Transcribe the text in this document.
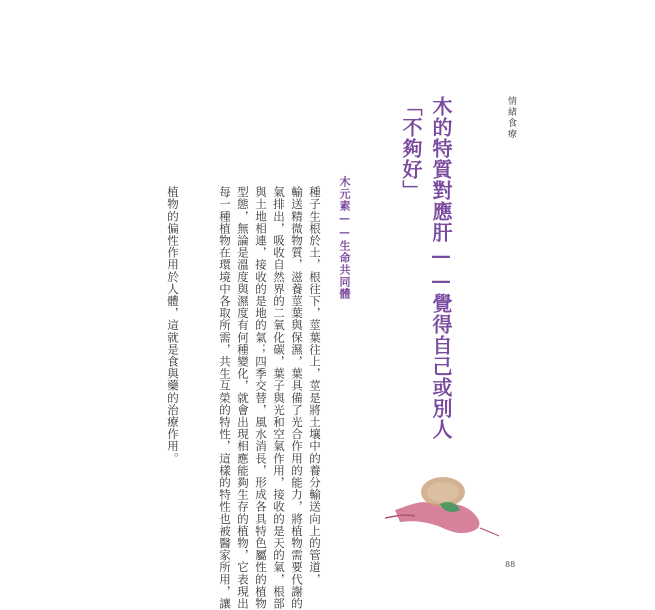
情緒食療
木的特質對應肝——覺得自己或別人
「不夠好」
木元素——生命共同體
種子生根於土，根往下，莖葉往上，莖是將土壤中的養分輸送向上的管道，
輸送精微物質，滋養莖葉與保濕，葉具備了光合作用的能力，將植物需要代謝的
氣排出，吸收自然界的二氧化碳，葉子與光和空氣作用，接收的是天的氣，根部
與土地相連，接收的是地的氣；四季交替，風水消長，形成各具特色屬性的植物
型態，無論是溫度與濕度有何種變化，就會出現相應能夠生存的植物，它表現出
每一種植物在環境中各取所需，共生互榮的特性，這樣的特性也被醫家所用，讓
植物的偏性作用於人體，這就是食與藥的治療作用。
88
